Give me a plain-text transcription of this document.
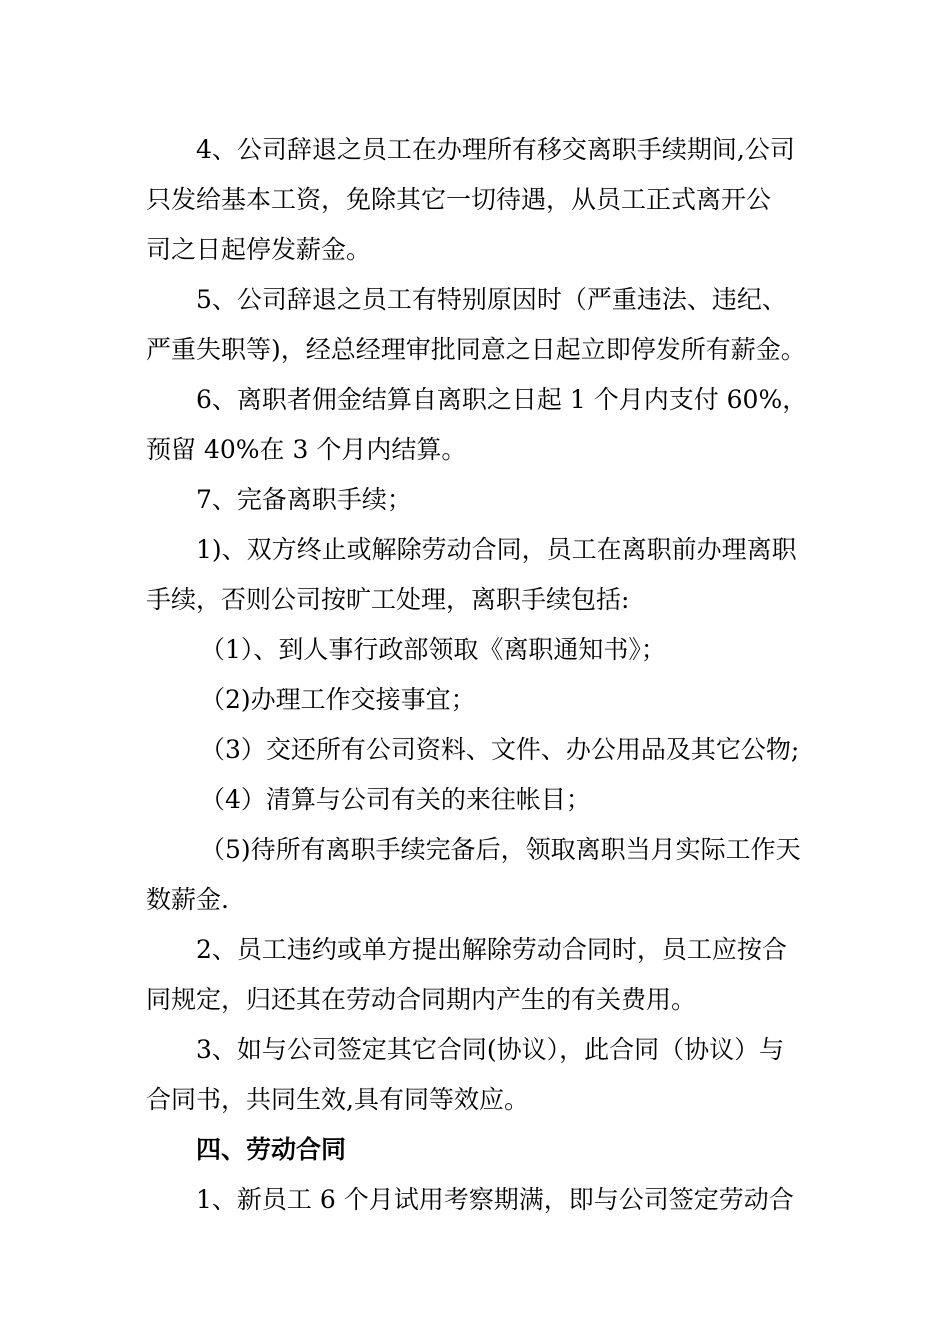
4、公司辞退之员工在办理所有移交离职手续期间,公司
只发给基本工资，免除其它一切待遇，从员工正式离开公
司之日起停发薪金。
5、公司辞退之员工有特别原因时（严重违法、违纪、
严重失职等)，经总经理审批同意之日起立即停发所有薪金。
6、离职者佣金结算自离职之日起 1 个月内支付 60%，
预留 40%在 3 个月内结算。
7、完备离职手续；
1)、双方终止或解除劳动合同，员工在离职前办理离职
手续，否则公司按旷工处理，离职手续包括:
（1）、到人事行政部领取《离职通知书》；
（2)办理工作交接事宜；
（3）交还所有公司资料、文件、办公用品及其它公物;
（4）清算与公司有关的来往帐目；
（5)待所有离职手续完备后，领取离职当月实际工作天
数薪金.
2、员工违约或单方提出解除劳动合同时，员工应按合
同规定，归还其在劳动合同期内产生的有关费用。
3、如与公司签定其它合同(协议），此合同（协议）与
合同书，共同生效,具有同等效应。
四、劳动合同
1、新员工 6 个月试用考察期满，即与公司签定劳动合
